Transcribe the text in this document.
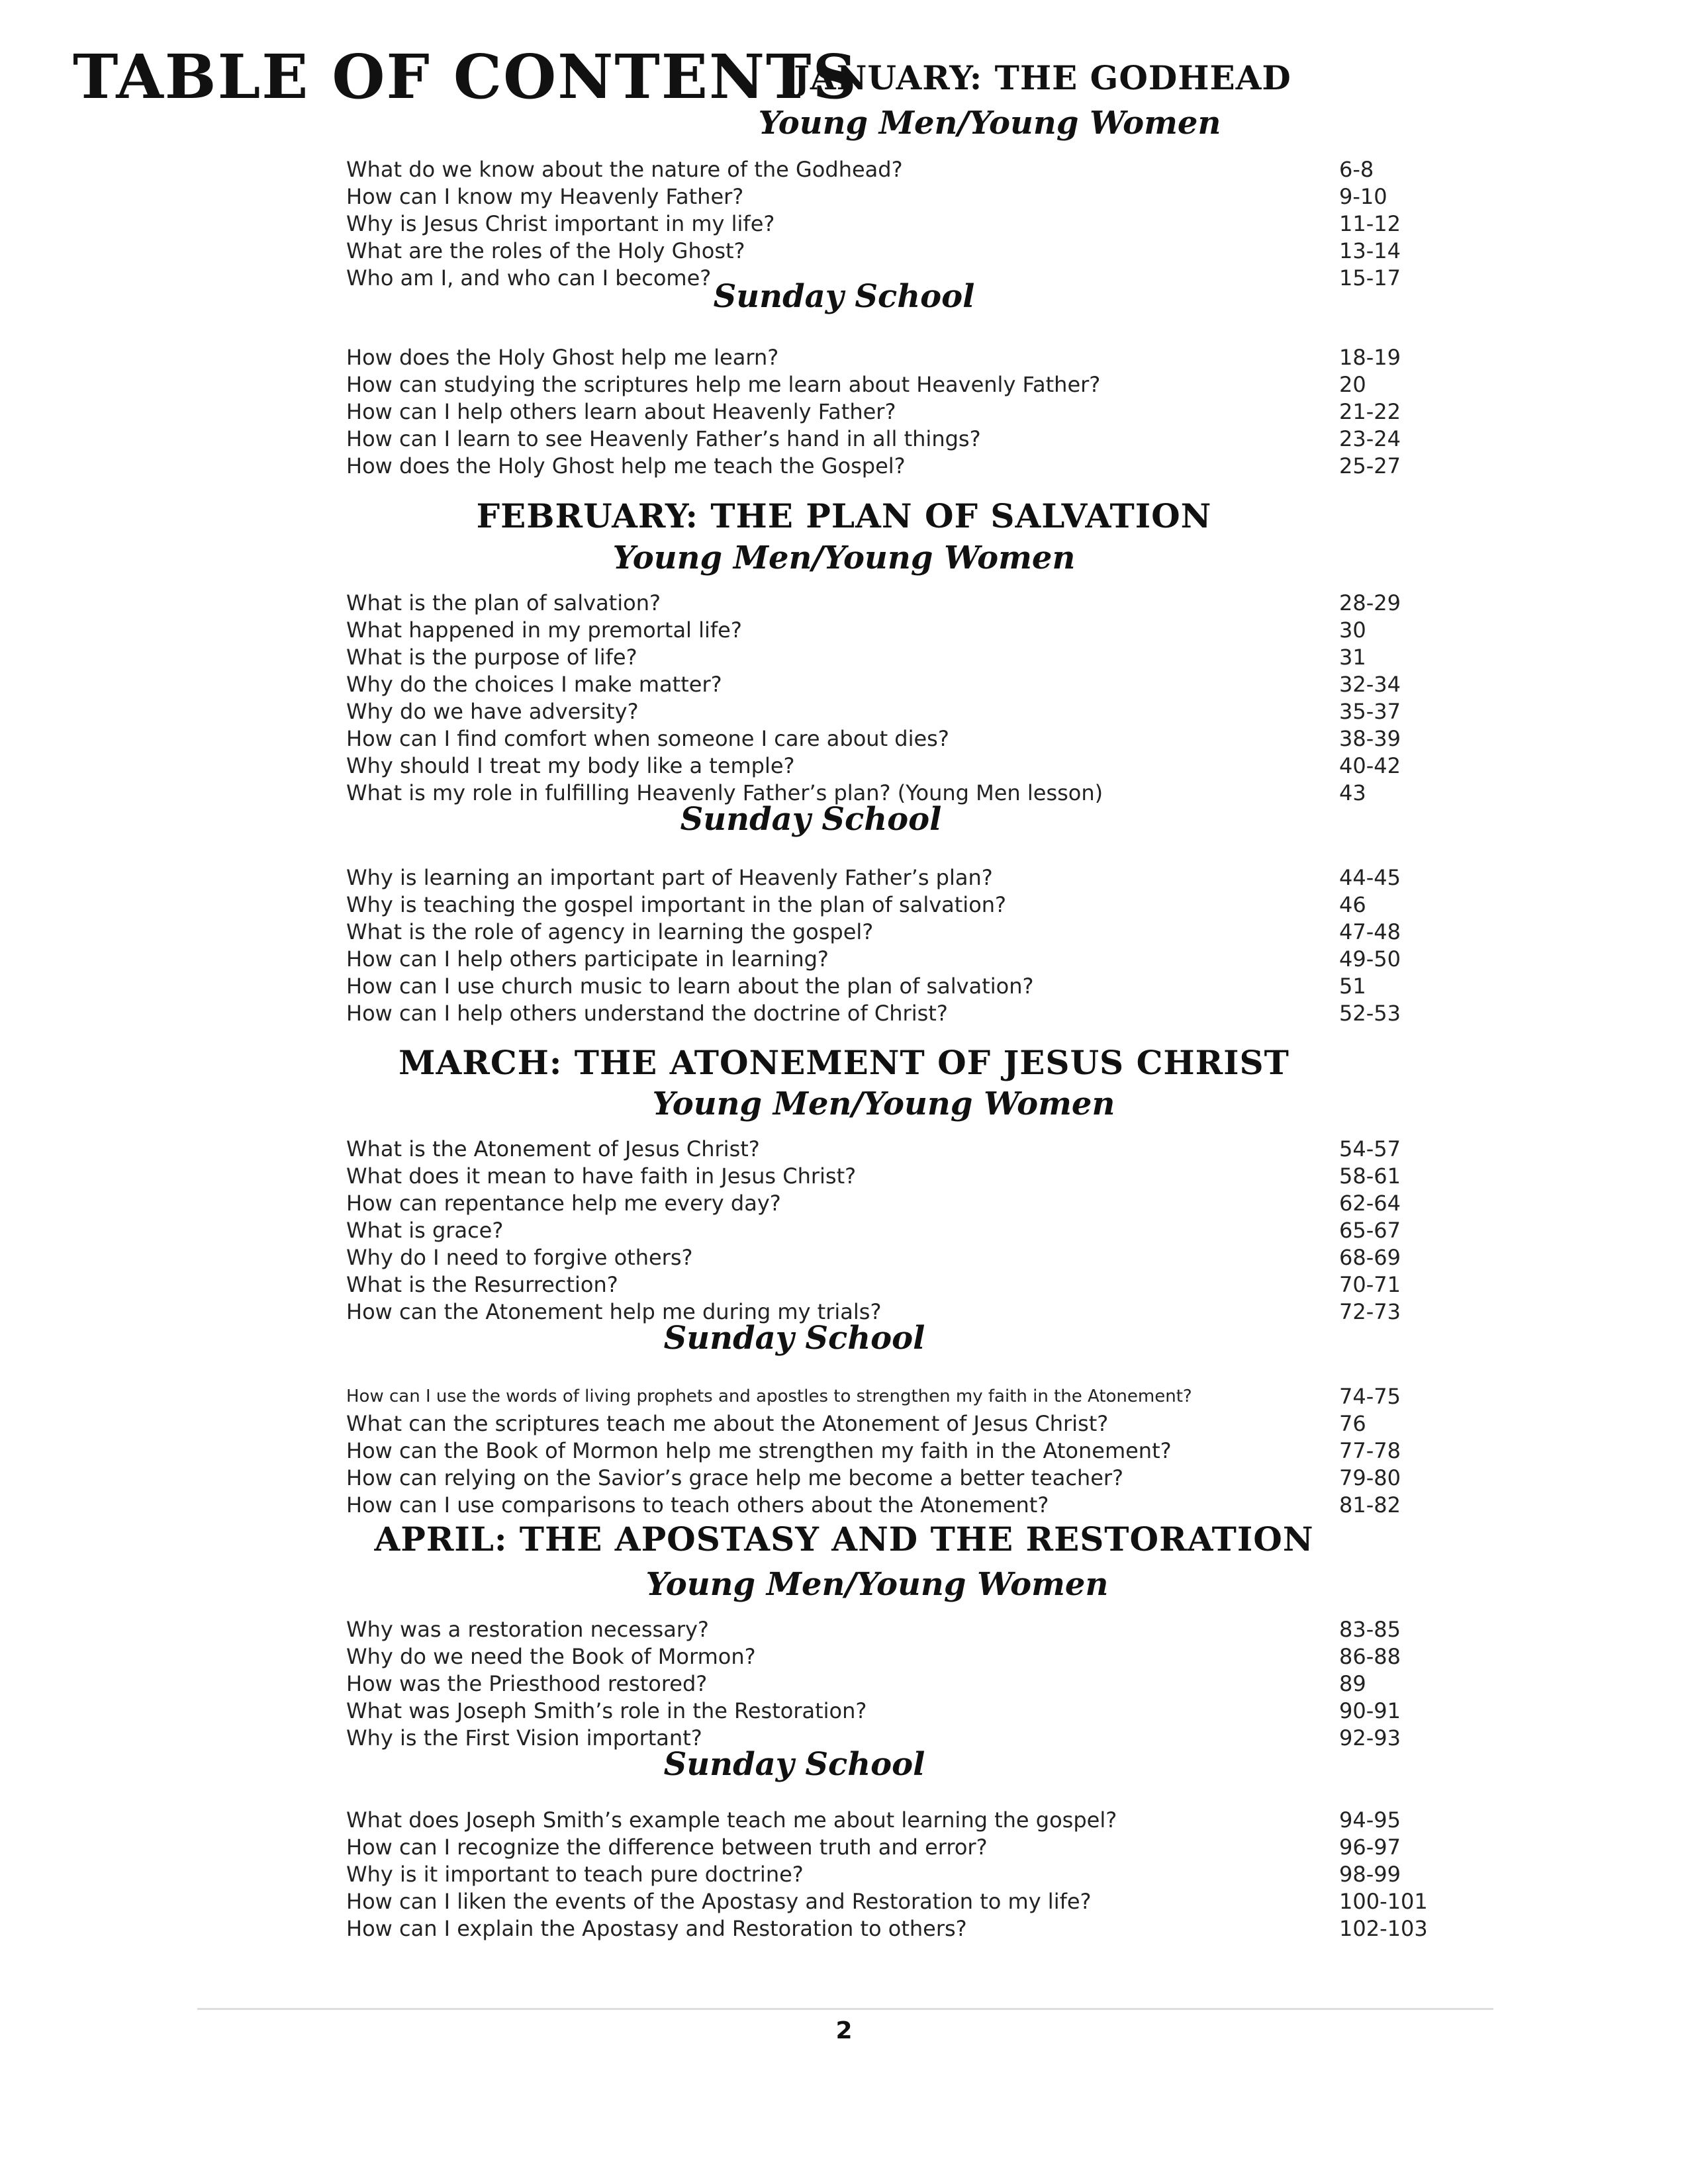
TABLE OF CONTENTS
JANUARY: THE GODHEAD
Young Men/Young Women
What do we know about the nature of the Godhead?	6-8
How can I know my Heavenly Father?	9-10
Why is Jesus Christ important in my life?	11-12
What are the roles of the Holy Ghost?	13-14
Who am I, and who can I become?	15-17
Sunday School
How does the Holy Ghost help me learn?	18-19
How can studying the scriptures help me learn about Heavenly Father?	20
How can I help others learn about Heavenly Father?	21-22
How can I learn to see Heavenly Father’s hand in all things?	23-24
How does the Holy Ghost help me teach the Gospel?	25-27
FEBRUARY: THE PLAN OF SALVATION
Young Men/Young Women
What is the plan of salvation?	28-29
What happened in my premortal life?	30
What is the purpose of life?	31
Why do the choices I make matter?	32-34
Why do we have adversity?	35-37
How can I find comfort when someone I care about dies?	38-39
Why should I treat my body like a temple?	40-42
What is my role in fulfilling Heavenly Father’s plan? (Young Men lesson)	43
Sunday School
Why is learning an important part of Heavenly Father’s plan?	44-45
Why is teaching the gospel important in the plan of salvation?	46
What is the role of agency in learning the gospel?	47-48
How can I help others participate in learning?	49-50
How can I use church music to learn about the plan of salvation?	51
How can I help others understand the doctrine of Christ?	52-53
MARCH: THE ATONEMENT OF JESUS CHRIST
Young Men/Young Women
What is the Atonement of Jesus Christ?	54-57
What does it mean to have faith in Jesus Christ?	58-61
How can repentance help me every day?	62-64
What is grace?	65-67
Why do I need to forgive others?	68-69
What is the Resurrection?	70-71
How can the Atonement help me during my trials?	72-73
Sunday School
How can I use the words of living prophets and apostles to strengthen my faith in the Atonement?	74-75
What can the scriptures teach me about the Atonement of Jesus Christ?	76
How can the Book of Mormon help me strengthen my faith in the Atonement?	77-78
How can relying on the Savior’s grace help me become a better teacher?	79-80
How can I use comparisons to teach others about the Atonement?	81-82
APRIL: THE APOSTASY AND THE RESTORATION
Young Men/Young Women
Why was a restoration necessary?	83-85
Why do we need the Book of Mormon?	86-88
How was the Priesthood restored?	89
What was Joseph Smith’s role in the Restoration?	90-91
Why is the First Vision important?	92-93
Sunday School
What does Joseph Smith’s example teach me about learning the gospel?	94-95
How can I recognize the difference between truth and error?	96-97
Why is it important to teach pure doctrine?	98-99
How can I liken the events of the Apostasy and Restoration to my life?	100-101
How can I explain the Apostasy and Restoration to others?	102-103
2
